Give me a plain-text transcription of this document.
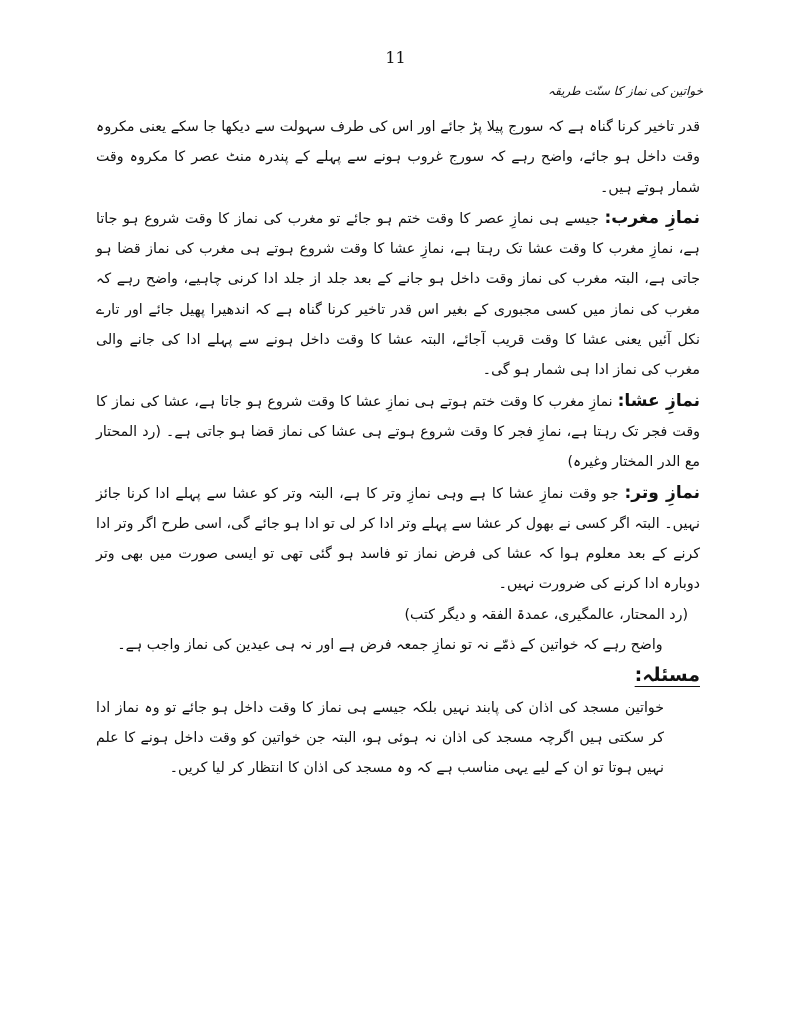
11
خواتین کی نماز کا سنّت طریقہ

قدر تاخیر کرنا گناہ ہے کہ سورج پیلا پڑ جائے اور اس کی طرف سہولت سے دیکھا جا سکے یعنی مکروہ وقت داخل ہو جائے، واضح رہے کہ سورج غروب ہونے سے پہلے کے پندرہ منٹ عصر کا مکروہ وقت شمار ہوتے ہیں۔

نمازِ مغرب: جیسے ہی نمازِ عصر کا وقت ختم ہو جائے تو مغرب کی نماز کا وقت شروع ہو جاتا ہے، نمازِ مغرب کا وقت عشا تک رہتا ہے، نمازِ عشا کا وقت شروع ہوتے ہی مغرب کی نماز قضا ہو جاتی ہے، البتہ مغرب کی نماز وقت داخل ہو جانے کے بعد جلد از جلد ادا کرنی چاہیے، واضح رہے کہ مغرب کی نماز میں کسی مجبوری کے بغیر اس قدر تاخیر کرنا گناہ ہے کہ اندھیرا پھیل جائے اور تارے نکل آئیں یعنی عشا کا وقت قریب آجائے، البتہ عشا کا وقت داخل ہونے سے پہلے ادا کی جانے والی مغرب کی نماز ادا ہی شمار ہو گی۔

نمازِ عشا: نمازِ مغرب کا وقت ختم ہوتے ہی نمازِ عشا کا وقت شروع ہو جاتا ہے، عشا کی نماز کا وقت فجر تک رہتا ہے، نمازِ فجر کا وقت شروع ہوتے ہی عشا کی نماز قضا ہو جاتی ہے۔ (رد المحتار مع الدر المختار وغیرہ)

نمازِ وتر: جو وقت نمازِ عشا کا ہے وہی نمازِ وتر کا ہے، البتہ وتر کو عشا سے پہلے ادا کرنا جائز نہیں۔ البتہ اگر کسی نے بھول کر عشا سے پہلے وتر ادا کر لی تو ادا ہو جائے گی، اسی طرح اگر وتر ادا کرنے کے بعد معلوم ہوا کہ عشا کی فرض نماز تو فاسد ہو گئی تھی تو ایسی صورت میں بھی وتر دوبارہ ادا کرنے کی ضرورت نہیں۔

(رد المحتار، عالمگیری، عمدۃ الفقہ و دیگر کتب)

واضح رہے کہ خواتین کے ذمّے نہ تو نمازِ جمعہ فرض ہے اور نہ ہی عیدین کی نماز واجب ہے۔

مسئلہ:

خواتین مسجد کی اذان کی پابند نہیں بلکہ جیسے ہی نماز کا وقت داخل ہو جائے تو وہ نماز ادا کر سکتی ہیں اگرچہ مسجد کی اذان نہ ہوئی ہو، البتہ جن خواتین کو وقت داخل ہونے کا علم نہیں ہوتا تو ان کے لیے یہی مناسب ہے کہ وہ مسجد کی اذان کا انتظار کر لیا کریں۔
